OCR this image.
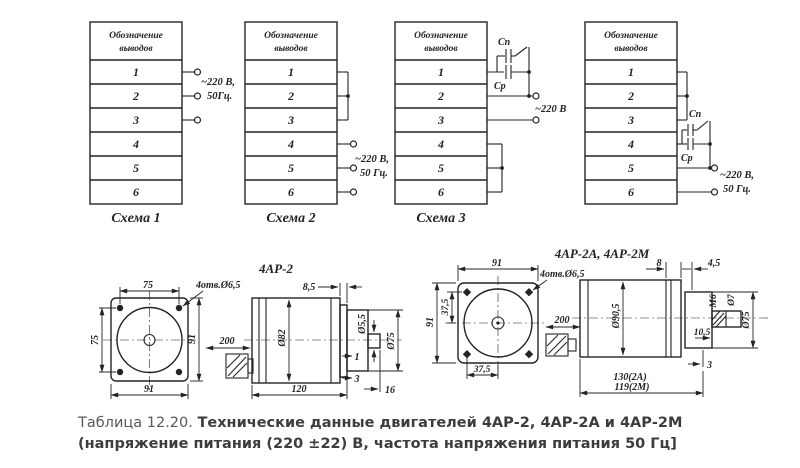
Обозначение
выводов
1
2
3
4
5
6
~220 В,
50Гц.
Схема 1
Обозначение
выводов
1
2
3
4
5
6
~220 В,
50 Гц.
Схема 2
Обозначение
выводов
1
2
3
4
5
6
Сп
Ср
~220 В
Схема 3
Обозначение
выводов
1
2
3
4
5
6
Сп
Ср
~220 В,
50 Гц.
4АР-2
75
75	91
91
4отв.Ø6,5
200	Ø82
8,5
Ø75
Ø5,5
1
3
16
120
4АР-2А, 4АР-2М
91
91
37,5
37,5
4отв.Ø6,5
200	Ø90,5
8	4,5
10,5
М6 Ø7
Ø75
3
130(2А)
119(2М)
Таблица 12.20. Технические данные двигателей 4АР-2, 4АР-2А и 4АР-2М (напряжение питания (220 ±22) В, частота напряжения питания 50 Гц]
